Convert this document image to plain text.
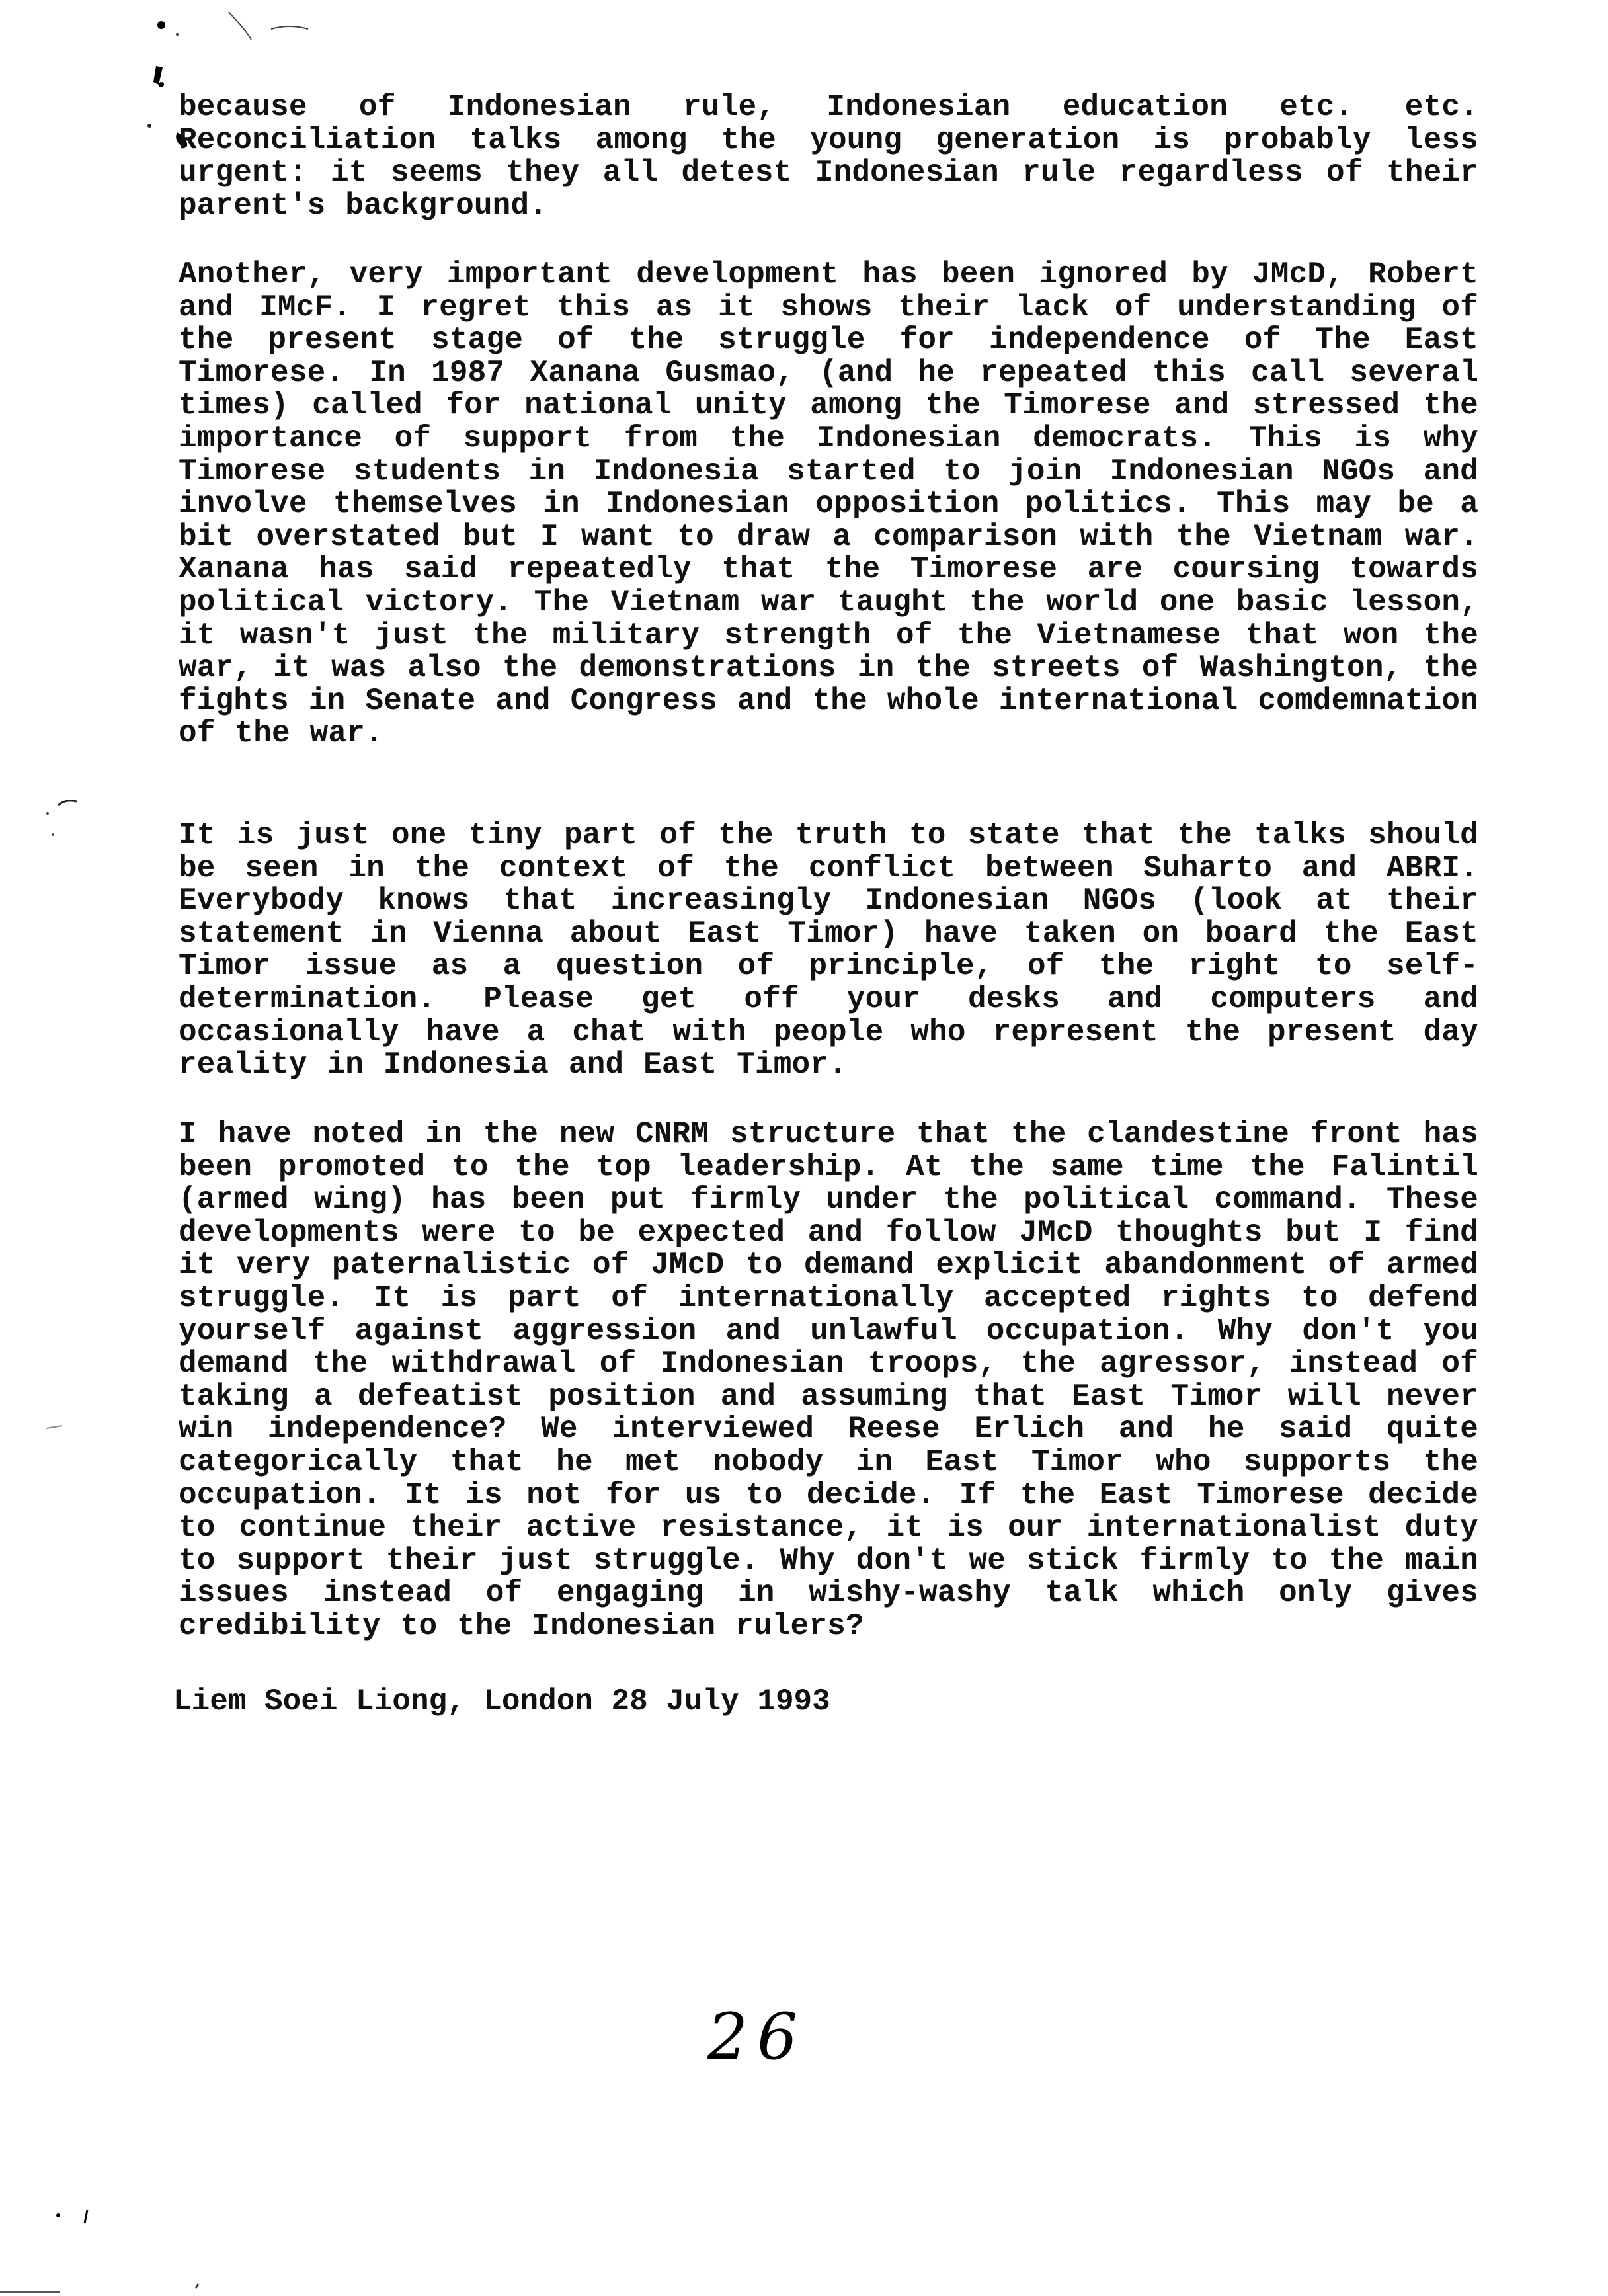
because of Indonesian rule, Indonesian education etc. etc. Reconciliation talks among the young generation is probably less urgent: it seems they all detest Indonesian rule regardless of their parent's background.

Another, very important development has been ignored by JMcD, Robert and IMcF. I regret this as it shows their lack of understanding of the present stage of the struggle for independence of The East Timorese. In 1987 Xanana Gusmao, (and he repeated this call several times) called for national unity among the Timorese and stressed the importance of support from the Indonesian democrats. This is why Timorese students in Indonesia started to join Indonesian NGOs and involve themselves in Indonesian opposition politics. This may be a bit overstated but I want to draw a comparison with the Vietnam war. Xanana has said repeatedly that the Timorese are coursing towards political victory. The Vietnam war taught the world one basic lesson, it wasn't just the military strength of the Vietnamese that won the war, it was also the demonstrations in the streets of Washington, the fights in Senate and Congress and the whole international comdemnation of the war.

It is just one tiny part of the truth to state that the talks should be seen in the context of the conflict between Suharto and ABRI. Everybody knows that increasingly Indonesian NGOs (look at their statement in Vienna about East Timor) have taken on board the East Timor issue as a question of principle, of the right to self-determination. Please get off your desks and computers and occasionally have a chat with people who represent the present day reality in Indonesia and East Timor.

I have noted in the new CNRM structure that the clandestine front has been promoted to the top leadership. At the same time the Falintil (armed wing) has been put firmly under the political command. These developments were to be expected and follow JMcD thoughts but I find it very paternalistic of JMcD to demand explicit abandonment of armed struggle. It is part of internationally accepted rights to defend yourself against aggression and unlawful occupation. Why don't you demand the withdrawal of Indonesian troops, the agressor, instead of taking a defeatist position and assuming that East Timor will never win independence? We interviewed Reese Erlich and he said quite categorically that he met nobody in East Timor who supports the occupation. It is not for us to decide. If the East Timorese decide to continue their active resistance, it is our internationalist duty to support their just struggle. Why don't we stick firmly to the main issues instead of engaging in wishy-washy talk which only gives credibility to the Indonesian rulers?

Liem Soei Liong, London 28 July 1993
26
